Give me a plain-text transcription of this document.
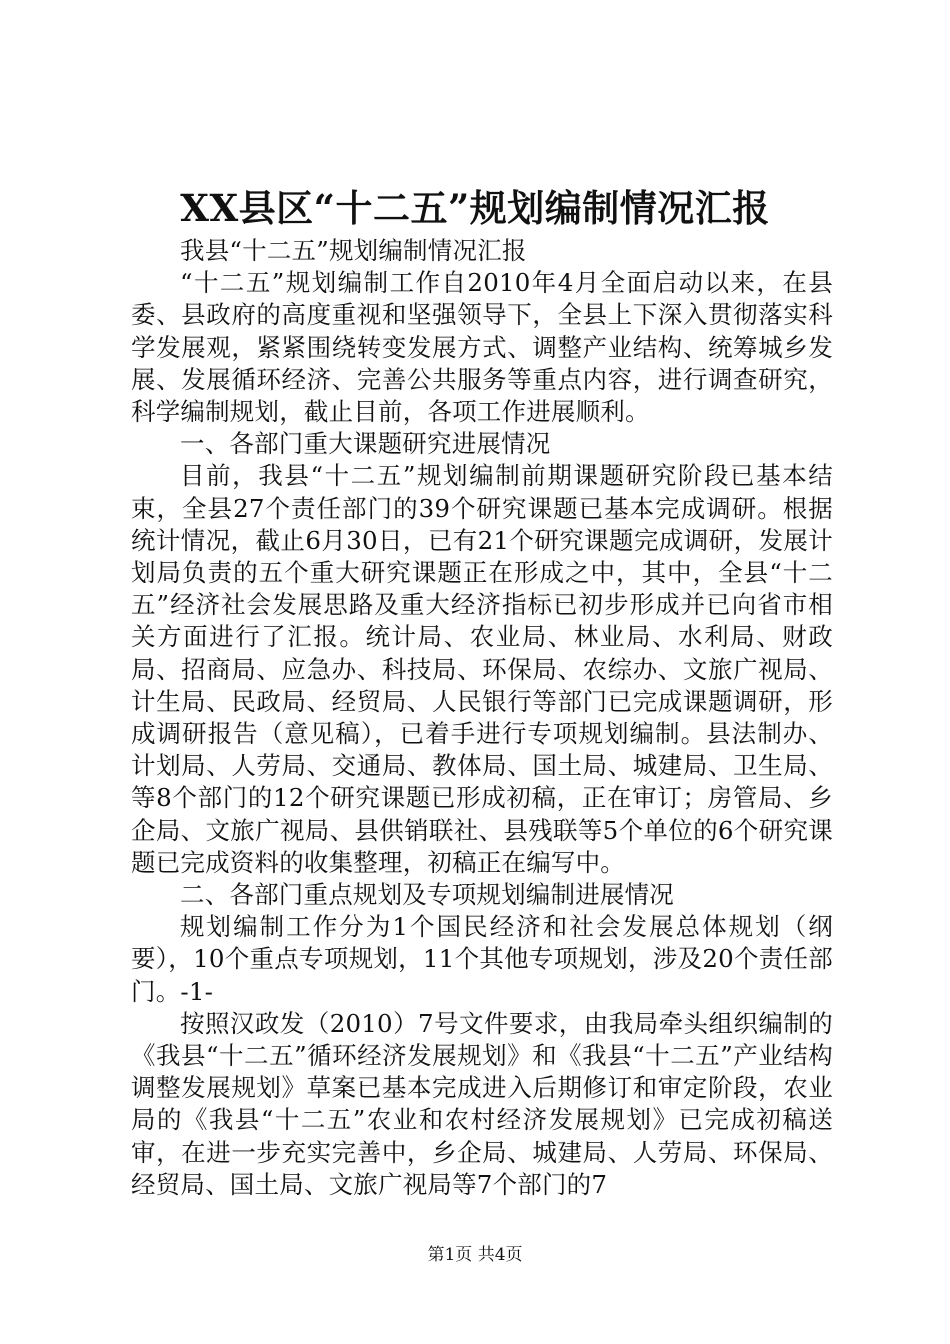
XX县区“十二五”规划编制情况汇报

我县“十二五”规划编制情况汇报

“十二五”规划编制工作自2010年4月全面启动以来，在县委、县政府的高度重视和坚强领导下，全县上下深入贯彻落实科学发展观，紧紧围绕转变发展方式、调整产业结构、统筹城乡发展、发展循环经济、完善公共服务等重点内容，进行调查研究，科学编制规划，截止目前，各项工作进展顺利。

一、各部门重大课题研究进展情况

目前，我县“十二五”规划编制前期课题研究阶段已基本结束，全县27个责任部门的39个研究课题已基本完成调研。根据统计情况，截止6月30日，已有21个研究课题完成调研，发展计划局负责的五个重大研究课题正在形成之中，其中，全县“十二五”经济社会发展思路及重大经济指标已初步形成并已向省市相关方面进行了汇报。统计局、农业局、林业局、水利局、财政局、招商局、应急办、科技局、环保局、农综办、文旅广视局、计生局、民政局、经贸局、人民银行等部门已完成课题调研，形成调研报告（意见稿），已着手进行专项规划编制。县法制办、计划局、人劳局、交通局、教体局、国土局、城建局、卫生局、等8个部门的12个研究课题已形成初稿，正在审订；房管局、乡企局、文旅广视局、县供销联社、县残联等5个单位的6个研究课题已完成资料的收集整理，初稿正在编写中。

二、各部门重点规划及专项规划编制进展情况

规划编制工作分为1个国民经济和社会发展总体规划（纲要），10个重点专项规划，11个其他专项规划，涉及20个责任部门。-1-

按照汉政发（2010）7号文件要求，由我局牵头组织编制的《我县“十二五”循环经济发展规划》和《我县“十二五”产业结构调整发展规划》草案已基本完成进入后期修订和审定阶段，农业局的《我县“十二五”农业和农村经济发展规划》已完成初稿送审，在进一步充实完善中，乡企局、城建局、人劳局、环保局、经贸局、国土局、文旅广视局等7个部门的7

第1页 共4页
